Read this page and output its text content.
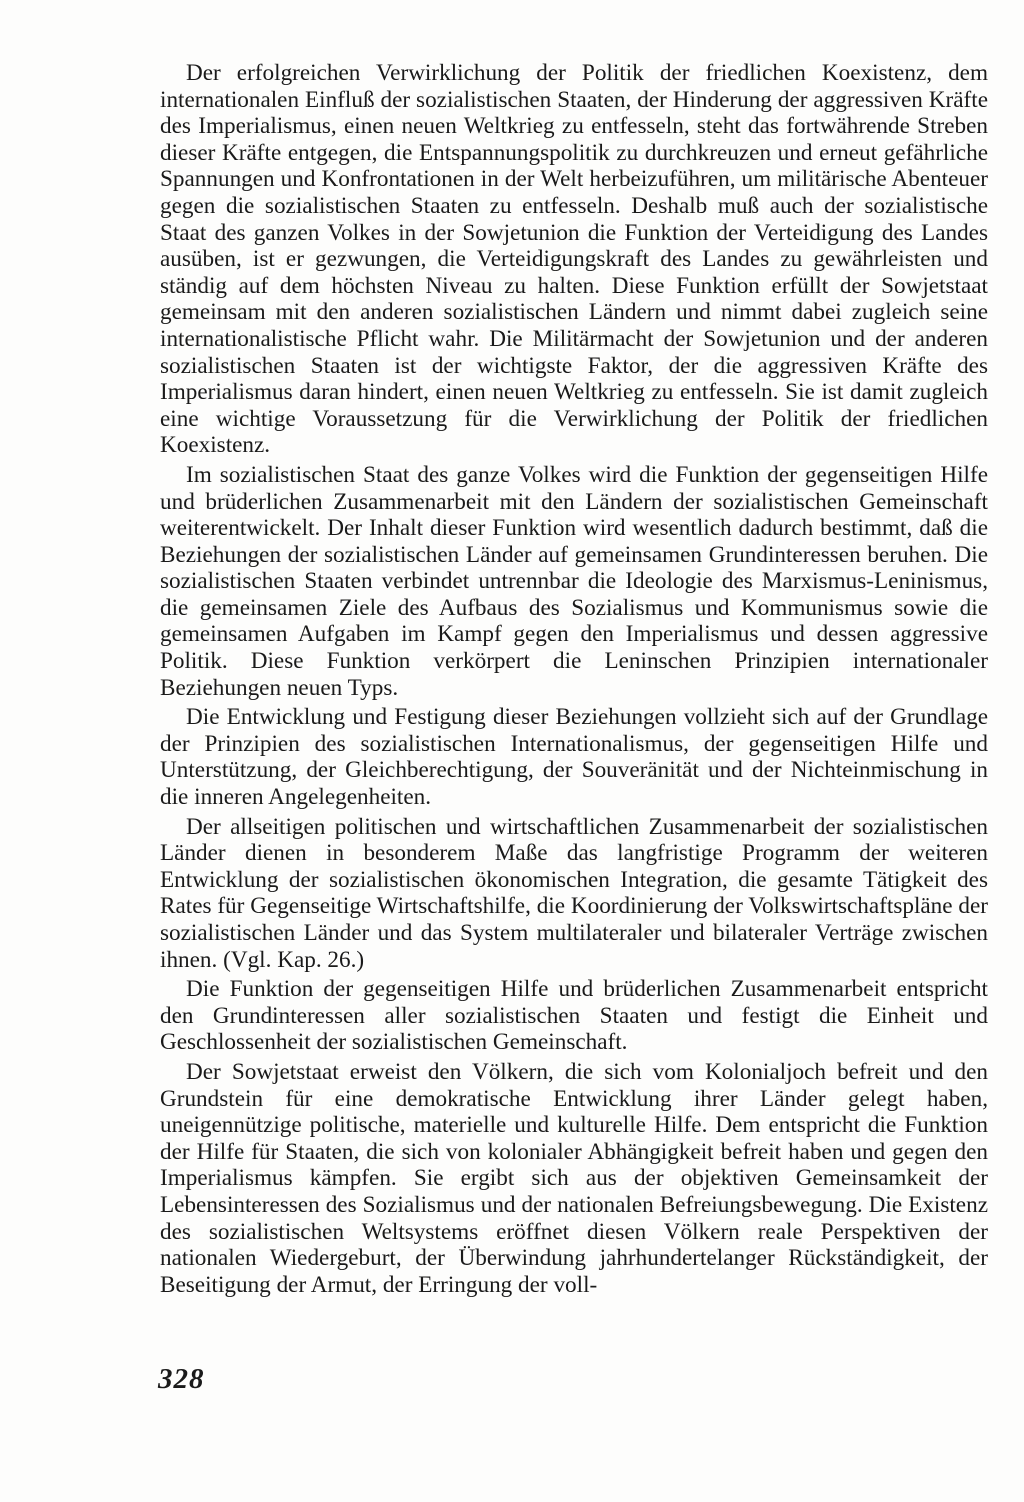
Der erfolgreichen Verwirklichung der Politik der friedlichen Koexistenz, dem internationalen Einfluß der sozialistischen Staaten, der Hinderung der aggressiven Kräfte des Imperialismus, einen neuen Weltkrieg zu entfesseln, steht das fortwährende Streben dieser Kräfte entgegen, die Entspannungspolitik zu durchkreuzen und erneut gefährliche Spannungen und Konfrontationen in der Welt herbeizuführen, um militärische Abenteuer gegen die sozialistischen Staaten zu entfesseln. Deshalb muß auch der sozialistische Staat des ganzen Volkes in der Sowjetunion die Funktion der Verteidigung des Landes ausüben, ist er gezwungen, die Verteidigungskraft des Landes zu gewährleisten und ständig auf dem höchsten Niveau zu halten. Diese Funktion erfüllt der Sowjetstaat gemeinsam mit den anderen sozialistischen Ländern und nimmt dabei zugleich seine internationalistische Pflicht wahr. Die Militärmacht der Sowjetunion und der anderen sozialistischen Staaten ist der wichtigste Faktor, der die aggressiven Kräfte des Imperialismus daran hindert, einen neuen Weltkrieg zu entfesseln. Sie ist damit zugleich eine wichtige Voraussetzung für die Verwirklichung der Politik der friedlichen Koexistenz.

Im sozialistischen Staat des ganze Volkes wird die Funktion der gegenseitigen Hilfe und brüderlichen Zusammenarbeit mit den Ländern der sozialistischen Gemeinschaft weiterentwickelt. Der Inhalt dieser Funktion wird wesentlich dadurch bestimmt, daß die Beziehungen der sozialistischen Länder auf gemeinsamen Grundinteressen beruhen. Die sozialistischen Staaten verbindet untrennbar die Ideologie des Marxismus-Leninismus, die gemeinsamen Ziele des Aufbaus des Sozialismus und Kommunismus sowie die gemeinsamen Aufgaben im Kampf gegen den Imperialismus und dessen aggressive Politik. Diese Funktion verkörpert die Leninschen Prinzipien internationaler Beziehungen neuen Typs.

Die Entwicklung und Festigung dieser Beziehungen vollzieht sich auf der Grundlage der Prinzipien des sozialistischen Internationalismus, der gegenseitigen Hilfe und Unterstützung, der Gleichberechtigung, der Souveränität und der Nichteinmischung in die inneren Angelegenheiten.

Der allseitigen politischen und wirtschaftlichen Zusammenarbeit der sozialistischen Länder dienen in besonderem Maße das langfristige Programm der weiteren Entwicklung der sozialistischen ökonomischen Integration, die gesamte Tätigkeit des Rates für Gegenseitige Wirtschaftshilfe, die Koordinierung der Volkswirtschaftspläne der sozialistischen Länder und das System multilateraler und bilateraler Verträge zwischen ihnen. (Vgl. Kap. 26.)

Die Funktion der gegenseitigen Hilfe und brüderlichen Zusammenarbeit entspricht den Grundinteressen aller sozialistischen Staaten und festigt die Einheit und Geschlossenheit der sozialistischen Gemeinschaft.

Der Sowjetstaat erweist den Völkern, die sich vom Kolonialjoch befreit und den Grundstein für eine demokratische Entwicklung ihrer Länder gelegt haben, uneigennützige politische, materielle und kulturelle Hilfe. Dem entspricht die Funktion der Hilfe für Staaten, die sich von kolonialer Abhängigkeit befreit haben und gegen den Imperialismus kämpfen. Sie ergibt sich aus der objektiven Gemeinsamkeit der Lebensinteressen des Sozialismus und der nationalen Befreiungsbewegung. Die Existenz des sozialistischen Weltsystems eröffnet diesen Völkern reale Perspektiven der nationalen Wiedergeburt, der Überwindung jahrhundertelanger Rückständigkeit, der Beseitigung der Armut, der Erringung der voll-

328
